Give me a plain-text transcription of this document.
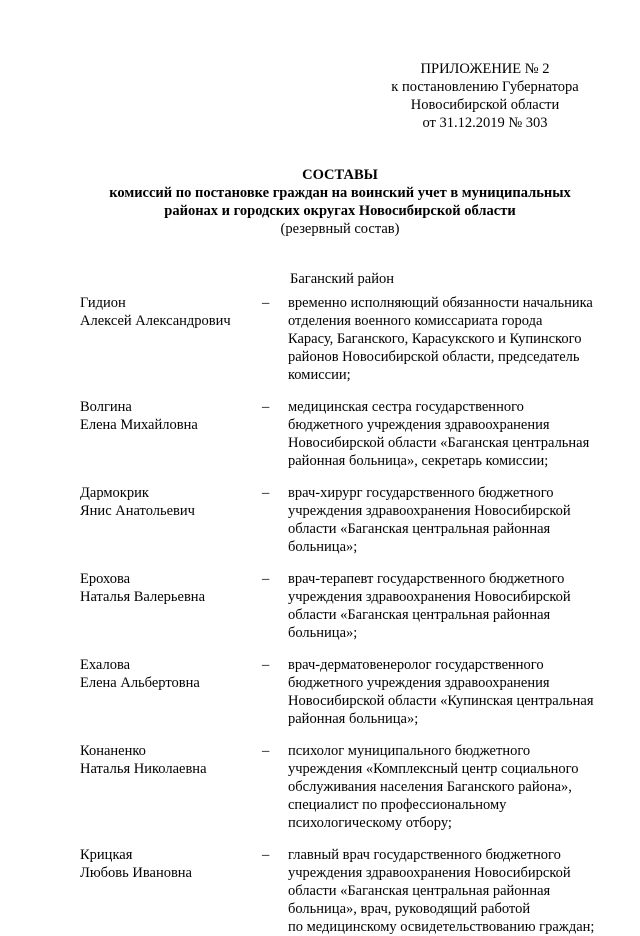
ПРИЛОЖЕНИЕ № 2
к постановлению Губернатора
Новосибирской области
от 31.12.2019 № 303
СОСТАВЫ
комиссий по постановке граждан на воинский учет в муниципальных
районах и городских округах Новосибирской области
(резервный состав)
Баганский район
Гидион
Алексей Александрович
–	временно исполняющий обязанности начальника
отделения военного комиссариата города
Карасу, Баганского, Карасукского и Купинского
районов Новосибирской области, председатель
комиссии;
Волгина
Елена Михайловна
–	медицинская сестра государственного
бюджетного учреждения здравоохранения
Новосибирской области «Баганская центральная
районная больница», секретарь комиссии;
Дармокрик
Янис Анатольевич
–	врач-хирург государственного бюджетного
учреждения здравоохранения Новосибирской
области «Баганская центральная районная
больница»;
Ерохова
Наталья Валерьевна
–	врач-терапевт государственного бюджетного
учреждения здравоохранения Новосибирской
области «Баганская центральная районная
больница»;
Ехалова
Елена Альбертовна
–	врач-дерматовенеролог государственного
бюджетного учреждения здравоохранения
Новосибирской области «Купинская центральная
районная больница»;
Конаненко
Наталья Николаевна
–	психолог муниципального бюджетного
учреждения «Комплексный центр социального
обслуживания населения Баганского района»,
специалист по профессиональному
психологическому отбору;
Крицкая
Любовь Ивановна
–	главный врач государственного бюджетного
учреждения здравоохранения Новосибирской
области «Баганская центральная районная
больница», врач, руководящий работой
по медицинскому освидетельствованию граждан;
